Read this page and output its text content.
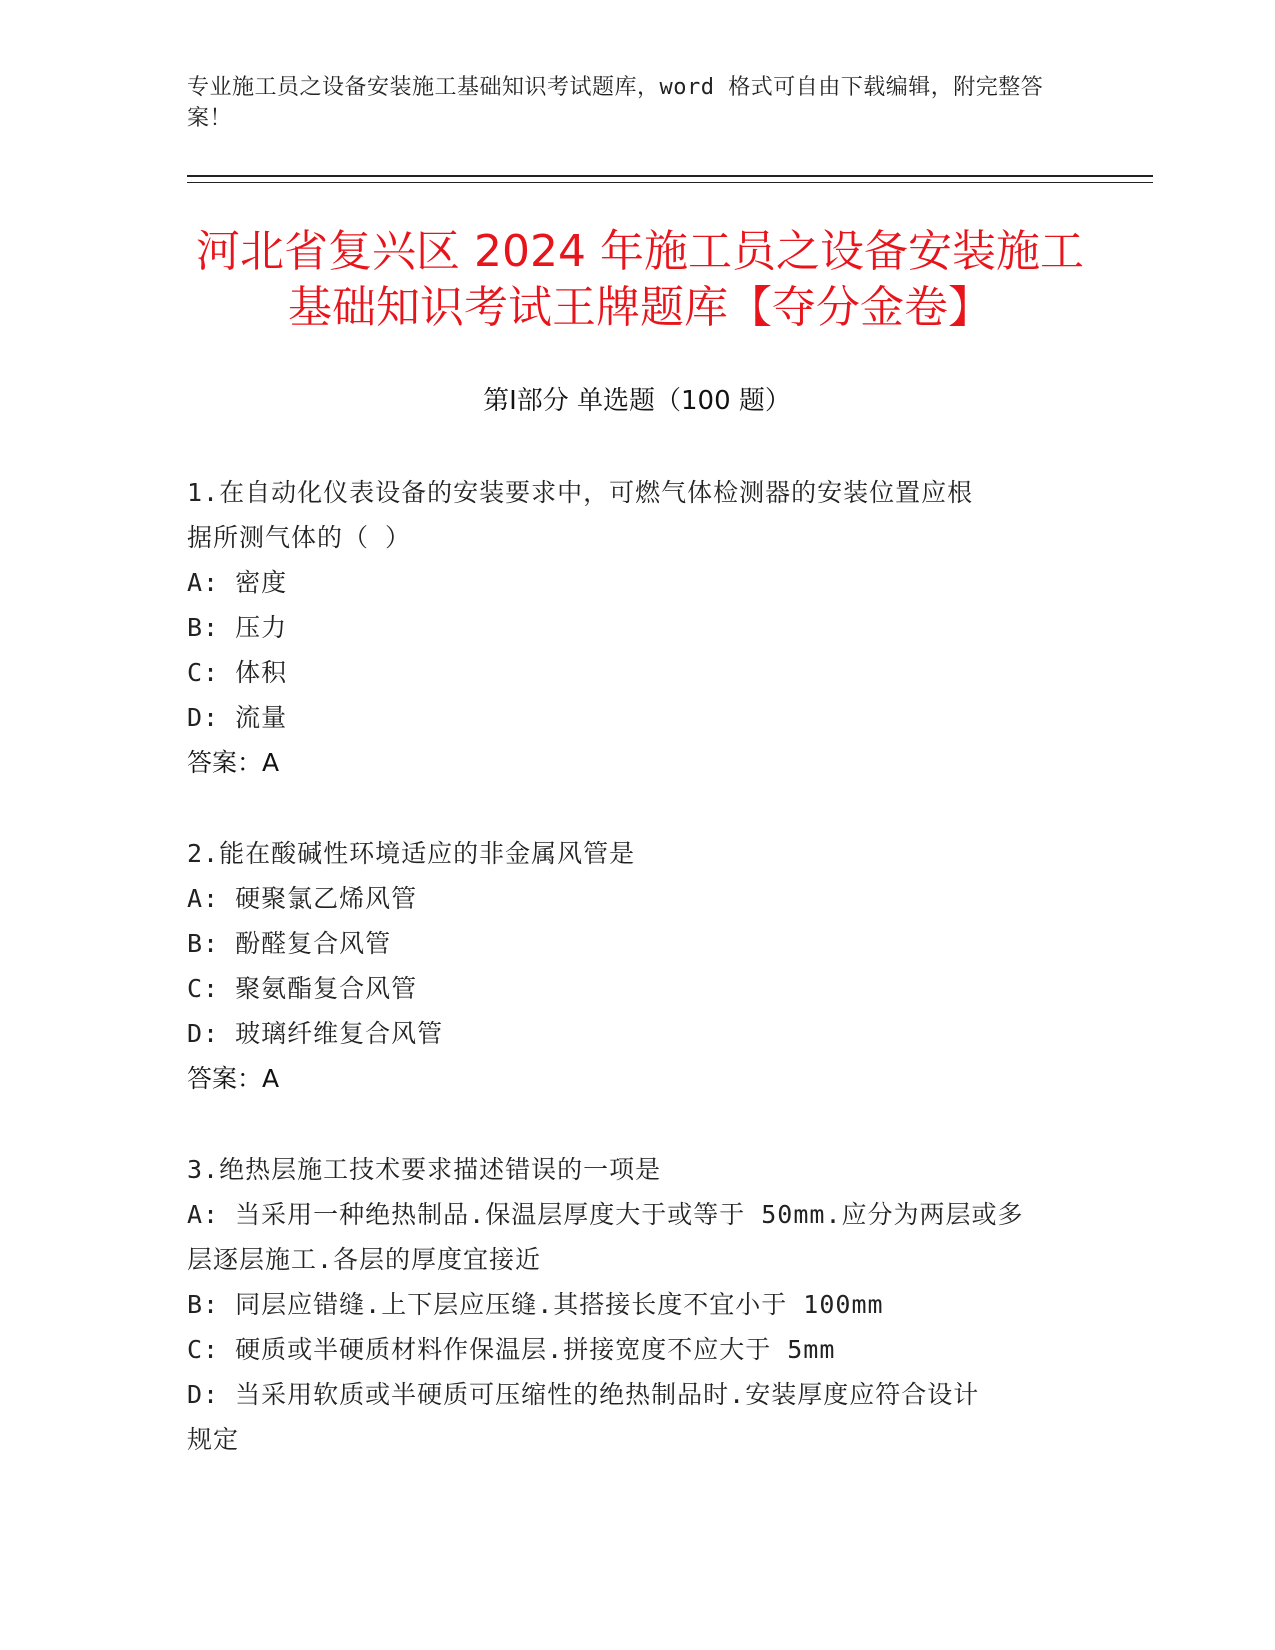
专业施工员之设备安装施工基础知识考试题库，word 格式可自由下载编辑，附完整答案！
河北省复兴区 2024 年施工员之设备安装施工
基础知识考试王牌题库【夺分金卷】
第Ⅰ部分 单选题（100 题）

1.在自动化仪表设备的安装要求中，可燃气体检测器的安装位置应根

据所测气体的（ ）

A: 密度

B: 压力

C: 体积

D: 流量

答案：A

2.能在酸碱性环境适应的非金属风管是

A: 硬聚氯乙烯风管

B: 酚醛复合风管

C: 聚氨酯复合风管

D: 玻璃纤维复合风管

答案：A

3.绝热层施工技术要求描述错误的一项是

A: 当采用一种绝热制品.保温层厚度大于或等于 50mm.应分为两层或多

层逐层施工.各层的厚度宜接近

B: 同层应错缝.上下层应压缝.其搭接长度不宜小于 100mm

C: 硬质或半硬质材料作保温层.拼接宽度不应大于 5mm

D: 当采用软质或半硬质可压缩性的绝热制品时.安装厚度应符合设计

规定
